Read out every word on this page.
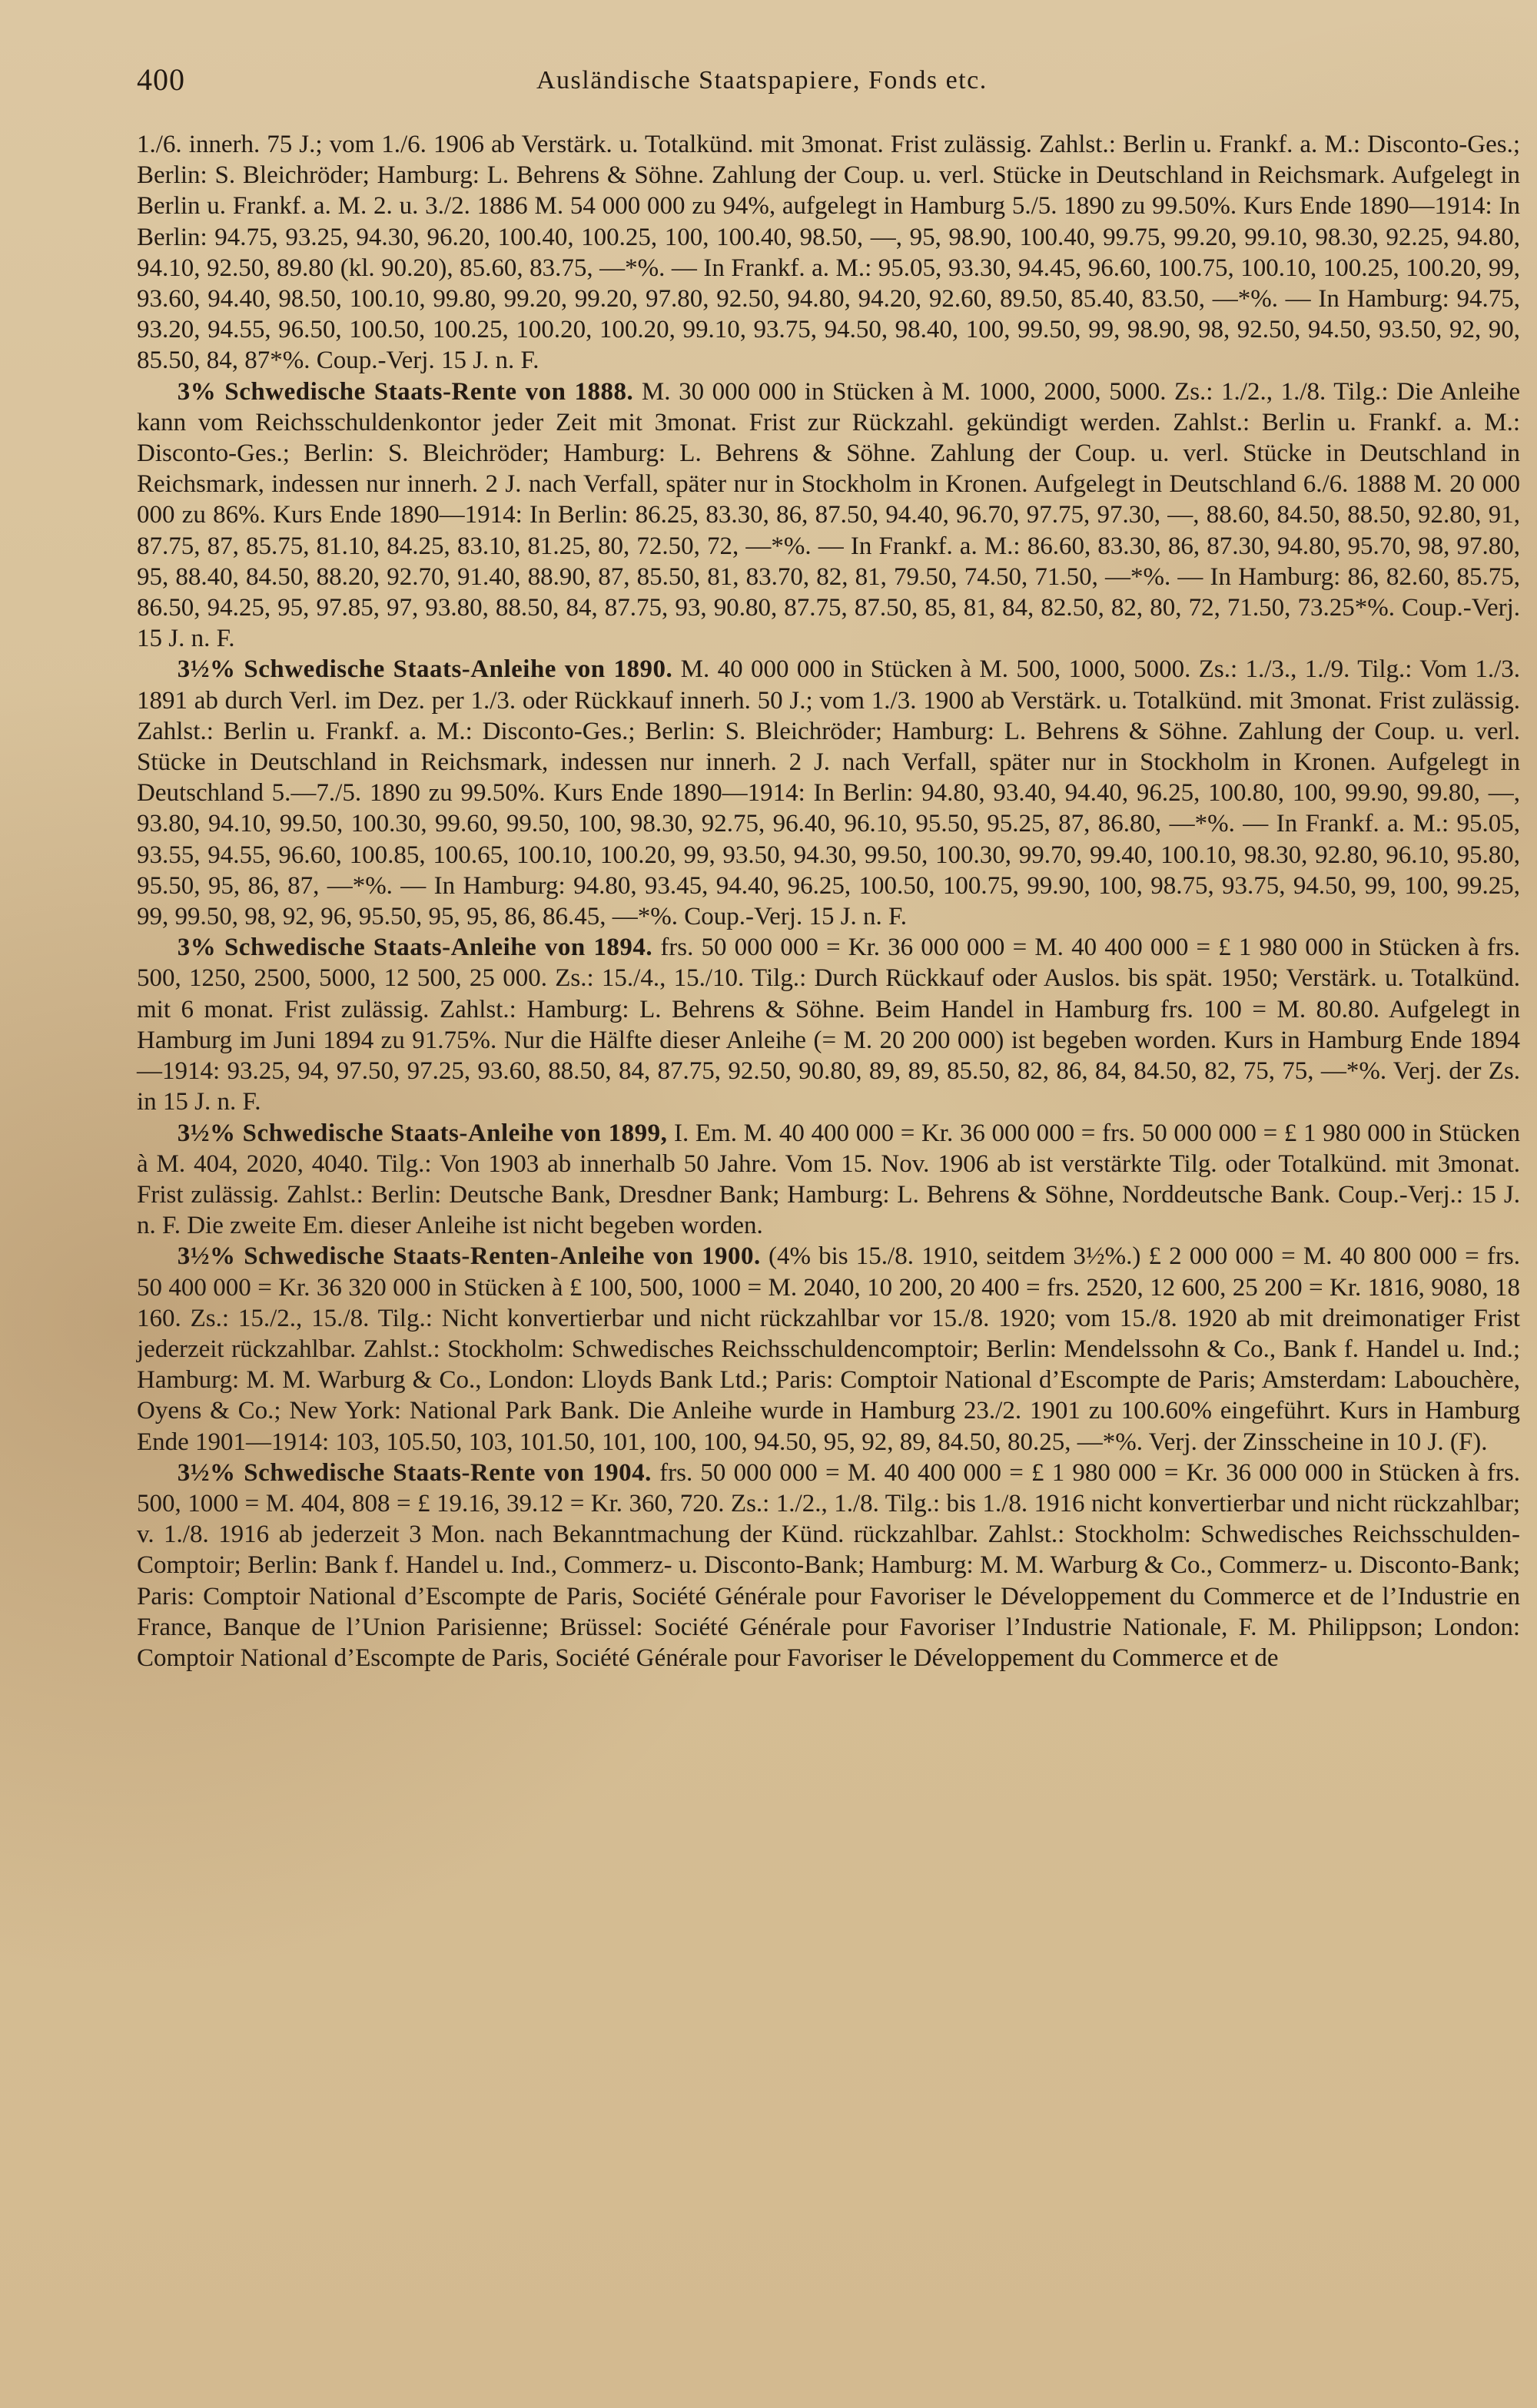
400	Ausländische Staatspapiere, Fonds etc.

1./6. innerh. 75 J.; vom 1./6. 1906 ab Verstärk. u. Totalkünd. mit 3monat. Frist zulässig. Zahlst.: Berlin u. Frankf. a. M.: Disconto-Ges.; Berlin: S. Bleichröder; Hamburg: L. Behrens & Söhne. Zahlung der Coup. u. verl. Stücke in Deutschland in Reichsmark. Aufgelegt in Berlin u. Frankf. a. M. 2. u. 3./2. 1886 M. 54 000 000 zu 94%, aufgelegt in Hamburg 5./5. 1890 zu 99.50%. Kurs Ende 1890—1914: In Berlin: 94.75, 93.25, 94.30, 96.20, 100.40, 100.25, 100, 100.40, 98.50, —, 95, 98.90, 100.40, 99.75, 99.20, 99.10, 98.30, 92.25, 94.80, 94.10, 92.50, 89.80 (kl. 90.20), 85.60, 83.75, —*%. — In Frankf. a. M.: 95.05, 93.30, 94.45, 96.60, 100.75, 100.10, 100.25, 100.20, 99, 93.60, 94.40, 98.50, 100.10, 99.80, 99.20, 99.20, 97.80, 92.50, 94.80, 94.20, 92.60, 89.50, 85.40, 83.50, —*%. — In Hamburg: 94.75, 93.20, 94.55, 96.50, 100.50, 100.25, 100.20, 100.20, 99.10, 93.75, 94.50, 98.40, 100, 99.50, 99, 98.90, 98, 92.50, 94.50, 93.50, 92, 90, 85.50, 84, 87*%. Coup.-Verj. 15 J. n. F.

3% Schwedische Staats-Rente von 1888. M. 30 000 000 in Stücken à M. 1000, 2000, 5000. Zs.: 1./2., 1./8. Tilg.: Die Anleihe kann vom Reichsschuldenkontor jeder Zeit mit 3monat. Frist zur Rückzahl. gekündigt werden. Zahlst.: Berlin u. Frankf. a. M.: Disconto-Ges.; Berlin: S. Bleichröder; Hamburg: L. Behrens & Söhne. Zahlung der Coup. u. verl. Stücke in Deutschland in Reichsmark, indessen nur innerh. 2 J. nach Verfall, später nur in Stockholm in Kronen. Aufgelegt in Deutschland 6./6. 1888 M. 20 000 000 zu 86%. Kurs Ende 1890—1914: In Berlin: 86.25, 83.30, 86, 87.50, 94.40, 96.70, 97.75, 97.30, —, 88.60, 84.50, 88.50, 92.80, 91, 87.75, 87, 85.75, 81.10, 84.25, 83.10, 81.25, 80, 72.50, 72, —*%. — In Frankf. a. M.: 86.60, 83.30, 86, 87.30, 94.80, 95.70, 98, 97.80, 95, 88.40, 84.50, 88.20, 92.70, 91.40, 88.90, 87, 85.50, 81, 83.70, 82, 81, 79.50, 74.50, 71.50, —*%. — In Hamburg: 86, 82.60, 85.75, 86.50, 94.25, 95, 97.85, 97, 93.80, 88.50, 84, 87.75, 93, 90.80, 87.75, 87.50, 85, 81, 84, 82.50, 82, 80, 72, 71.50, 73.25*%. Coup.-Verj. 15 J. n. F.

3½% Schwedische Staats-Anleihe von 1890. M. 40 000 000 in Stücken à M. 500, 1000, 5000. Zs.: 1./3., 1./9. Tilg.: Vom 1./3. 1891 ab durch Verl. im Dez. per 1./3. oder Rückkauf innerh. 50 J.; vom 1./3. 1900 ab Verstärk. u. Totalkünd. mit 3monat. Frist zulässig. Zahlst.: Berlin u. Frankf. a. M.: Disconto-Ges.; Berlin: S. Bleichröder; Hamburg: L. Behrens & Söhne. Zahlung der Coup. u. verl. Stücke in Deutschland in Reichsmark, indessen nur innerh. 2 J. nach Verfall, später nur in Stockholm in Kronen. Aufgelegt in Deutschland 5.—7./5. 1890 zu 99.50%. Kurs Ende 1890—1914: In Berlin: 94.80, 93.40, 94.40, 96.25, 100.80, 100, 99.90, 99.80, —, 93.80, 94.10, 99.50, 100.30, 99.60, 99.50, 100, 98.30, 92.75, 96.40, 96.10, 95.50, 95.25, 87, 86.80, —*%. — In Frankf. a. M.: 95.05, 93.55, 94.55, 96.60, 100.85, 100.65, 100.10, 100.20, 99, 93.50, 94.30, 99.50, 100.30, 99.70, 99.40, 100.10, 98.30, 92.80, 96.10, 95.80, 95.50, 95, 86, 87, —*%. — In Hamburg: 94.80, 93.45, 94.40, 96.25, 100.50, 100.75, 99.90, 100, 98.75, 93.75, 94.50, 99, 100, 99.25, 99, 99.50, 98, 92, 96, 95.50, 95, 95, 86, 86.45, —*%. Coup.-Verj. 15 J. n. F.

3% Schwedische Staats-Anleihe von 1894. frs. 50 000 000 = Kr. 36 000 000 = M. 40 400 000 = £ 1 980 000 in Stücken à frs. 500, 1250, 2500, 5000, 12 500, 25 000. Zs.: 15./4., 15./10. Tilg.: Durch Rückkauf oder Auslos. bis spät. 1950; Verstärk. u. Totalkünd. mit 6 monat. Frist zulässig. Zahlst.: Hamburg: L. Behrens & Söhne. Beim Handel in Hamburg frs. 100 = M. 80.80. Aufgelegt in Hamburg im Juni 1894 zu 91.75%. Nur die Hälfte dieser Anleihe (= M. 20 200 000) ist begeben worden. Kurs in Hamburg Ende 1894—1914: 93.25, 94, 97.50, 97.25, 93.60, 88.50, 84, 87.75, 92.50, 90.80, 89, 89, 85.50, 82, 86, 84, 84.50, 82, 75, 75, —*%. Verj. der Zs. in 15 J. n. F.

3½% Schwedische Staats-Anleihe von 1899, I. Em. M. 40 400 000 = Kr. 36 000 000 = frs. 50 000 000 = £ 1 980 000 in Stücken à M. 404, 2020, 4040. Tilg.: Von 1903 ab innerhalb 50 Jahre. Vom 15. Nov. 1906 ab ist verstärkte Tilg. oder Totalkünd. mit 3monat. Frist zulässig. Zahlst.: Berlin: Deutsche Bank, Dresdner Bank; Hamburg: L. Behrens & Söhne, Norddeutsche Bank. Coup.-Verj.: 15 J. n. F. Die zweite Em. dieser Anleihe ist nicht begeben worden.

3½% Schwedische Staats-Renten-Anleihe von 1900. (4% bis 15./8. 1910, seitdem 3½%.) £ 2 000 000 = M. 40 800 000 = frs. 50 400 000 = Kr. 36 320 000 in Stücken à £ 100, 500, 1000 = M. 2040, 10 200, 20 400 = frs. 2520, 12 600, 25 200 = Kr. 1816, 9080, 18 160. Zs.: 15./2., 15./8. Tilg.: Nicht konvertierbar und nicht rückzahlbar vor 15./8. 1920; vom 15./8. 1920 ab mit dreimonatiger Frist jederzeit rückzahlbar. Zahlst.: Stockholm: Schwedisches Reichsschuldencomptoir; Berlin: Mendelssohn & Co., Bank f. Handel u. Ind.; Hamburg: M. M. Warburg & Co., London: Lloyds Bank Ltd.; Paris: Comptoir National d’Escompte de Paris; Amsterdam: Labouchère, Oyens & Co.; New York: National Park Bank. Die Anleihe wurde in Hamburg 23./2. 1901 zu 100.60% eingeführt. Kurs in Hamburg Ende 1901—1914: 103, 105.50, 103, 101.50, 101, 100, 100, 94.50, 95, 92, 89, 84.50, 80.25, —*%. Verj. der Zinsscheine in 10 J. (F).

3½% Schwedische Staats-Rente von 1904. frs. 50 000 000 = M. 40 400 000 = £ 1 980 000 = Kr. 36 000 000 in Stücken à frs. 500, 1000 = M. 404, 808 = £ 19.16, 39.12 = Kr. 360, 720. Zs.: 1./2., 1./8. Tilg.: bis 1./8. 1916 nicht konvertierbar und nicht rückzahlbar; v. 1./8. 1916 ab jederzeit 3 Mon. nach Bekanntmachung der Künd. rückzahlbar. Zahlst.: Stockholm: Schwedisches Reichsschulden-Comptoir; Berlin: Bank f. Handel u. Ind., Commerz- u. Disconto-Bank; Hamburg: M. M. Warburg & Co., Commerz- u. Disconto-Bank; Paris: Comptoir National d’Escompte de Paris, Société Générale pour Favoriser le Développement du Commerce et de l’Industrie en France, Banque de l’Union Parisienne; Brüssel: Société Générale pour Favoriser l’Industrie Nationale, F. M. Philippson; London: Comptoir National d’Escompte de Paris, Société Générale pour Favoriser le Développement du Commerce et de
